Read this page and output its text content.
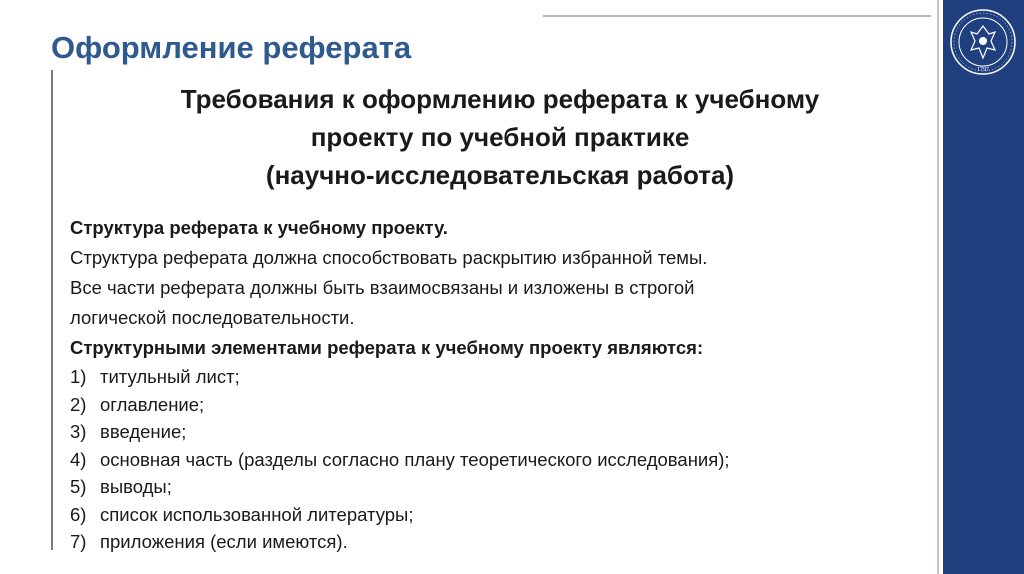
1797
Оформление реферата
Требования к оформлению реферата к учебному
проекту по учебной практике
(научно-исследовательская работа)
Структура реферата к учебному проекту.
Структура реферата должна способствовать раскрытию избранной темы.
Все части реферата должны быть взаимосвязаны и изложены в строгой
логической последовательности.
Структурными элементами реферата к учебному проекту являются:
1) титульный лист;
2) оглавление;
3) введение;
4) основная часть (разделы согласно плану теоретического исследования);
5) выводы;
6) список использованной литературы;
7) приложения (если имеются).
